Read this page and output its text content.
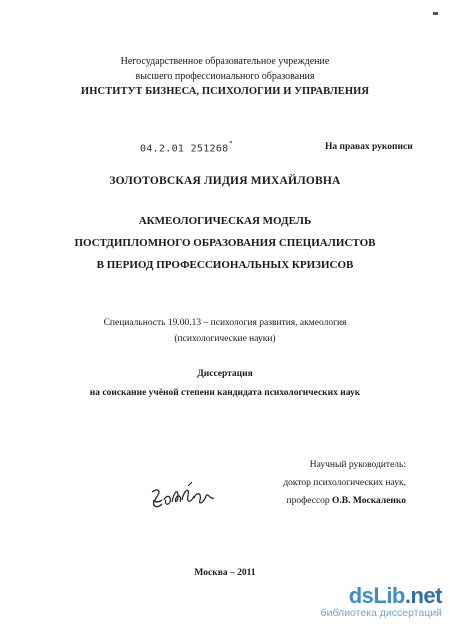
Негосударственное образовательное учреждение
высшего профессионального образования
ИНСТИТУТ БИЗНЕСА, ПСИХОЛОГИИ И УПРАВЛЕНИЯ
04.2.01 251268"	На правах рукописи
ЗОЛОТОВСКАЯ ЛИДИЯ МИХАЙЛОВНА
АКМЕОЛОГИЧЕСКАЯ МОДЕЛЬ
ПОСТДИПЛОМНОГО ОБРАЗОВАНИЯ СПЕЦИАЛИСТОВ
В ПЕРИОД ПРОФЕССИОНАЛЬНЫХ КРИЗИСОВ
Специальность 19.00.13 – психология развития, акмеология
(психологические науки)
Диссертация
на соискание учёной степени кандидата психологических наук
Научный руководитель:
доктор психологических наук,
профессор О.В. Москаленко
Москва – 2011
dsLib.net
библиотека диссертаций
